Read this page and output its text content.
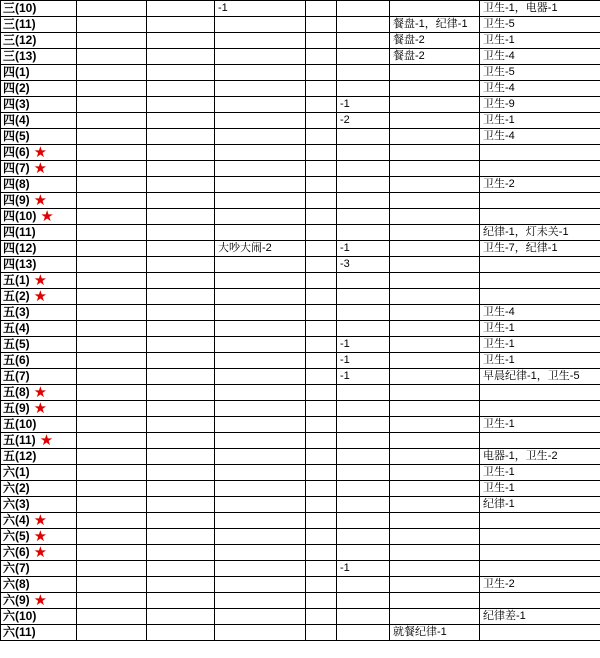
三(10)			-1				卫生-1，电器-1
三(11)						餐盘-1，纪律-1	卫生-5
三(12)						餐盘-2	卫生-1
三(13)						餐盘-2	卫生-4
四(1)							卫生-5
四(2)							卫生-4
四(3)					-1		卫生-9
四(4)					-2		卫生-1
四(5)							卫生-4
四(6) ★							
四(7) ★							
四(8)							卫生-2
四(9) ★							
四(10) ★							
四(11)							纪律-1，灯未关-1
四(12)			大吵大闹-2		-1		卫生-7，纪律-1
四(13)					-3		
五(1) ★							
五(2) ★							
五(3)							卫生-4
五(4)							卫生-1
五(5)					-1		卫生-1
五(6)					-1		卫生-1
五(7)					-1		早晨纪律-1，卫生-5
五(8) ★							
五(9) ★							
五(10)							卫生-1
五(11) ★							
五(12)							电器-1，卫生-2
六(1)							卫生-1
六(2)							卫生-1
六(3)							纪律-1
六(4) ★							
六(5) ★							
六(6) ★							
六(7)					-1		
六(8)							卫生-2
六(9) ★							
六(10)							纪律差-1
六(11)						就餐纪律-1	
